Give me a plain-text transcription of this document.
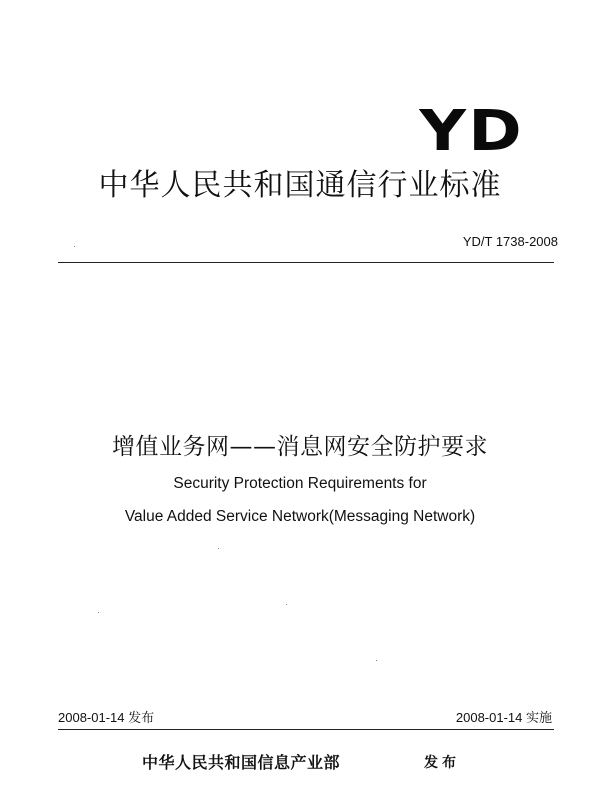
YD
中华人民共和国通信行业标准
YD/T 1738-2008
增值业务网——消息网安全防护要求
Security Protection Requirements for
Value Added Service Network(Messaging Network)
2008-01-14 发布	2008-01-14 实施
中华人民共和国信息产业部	发布
